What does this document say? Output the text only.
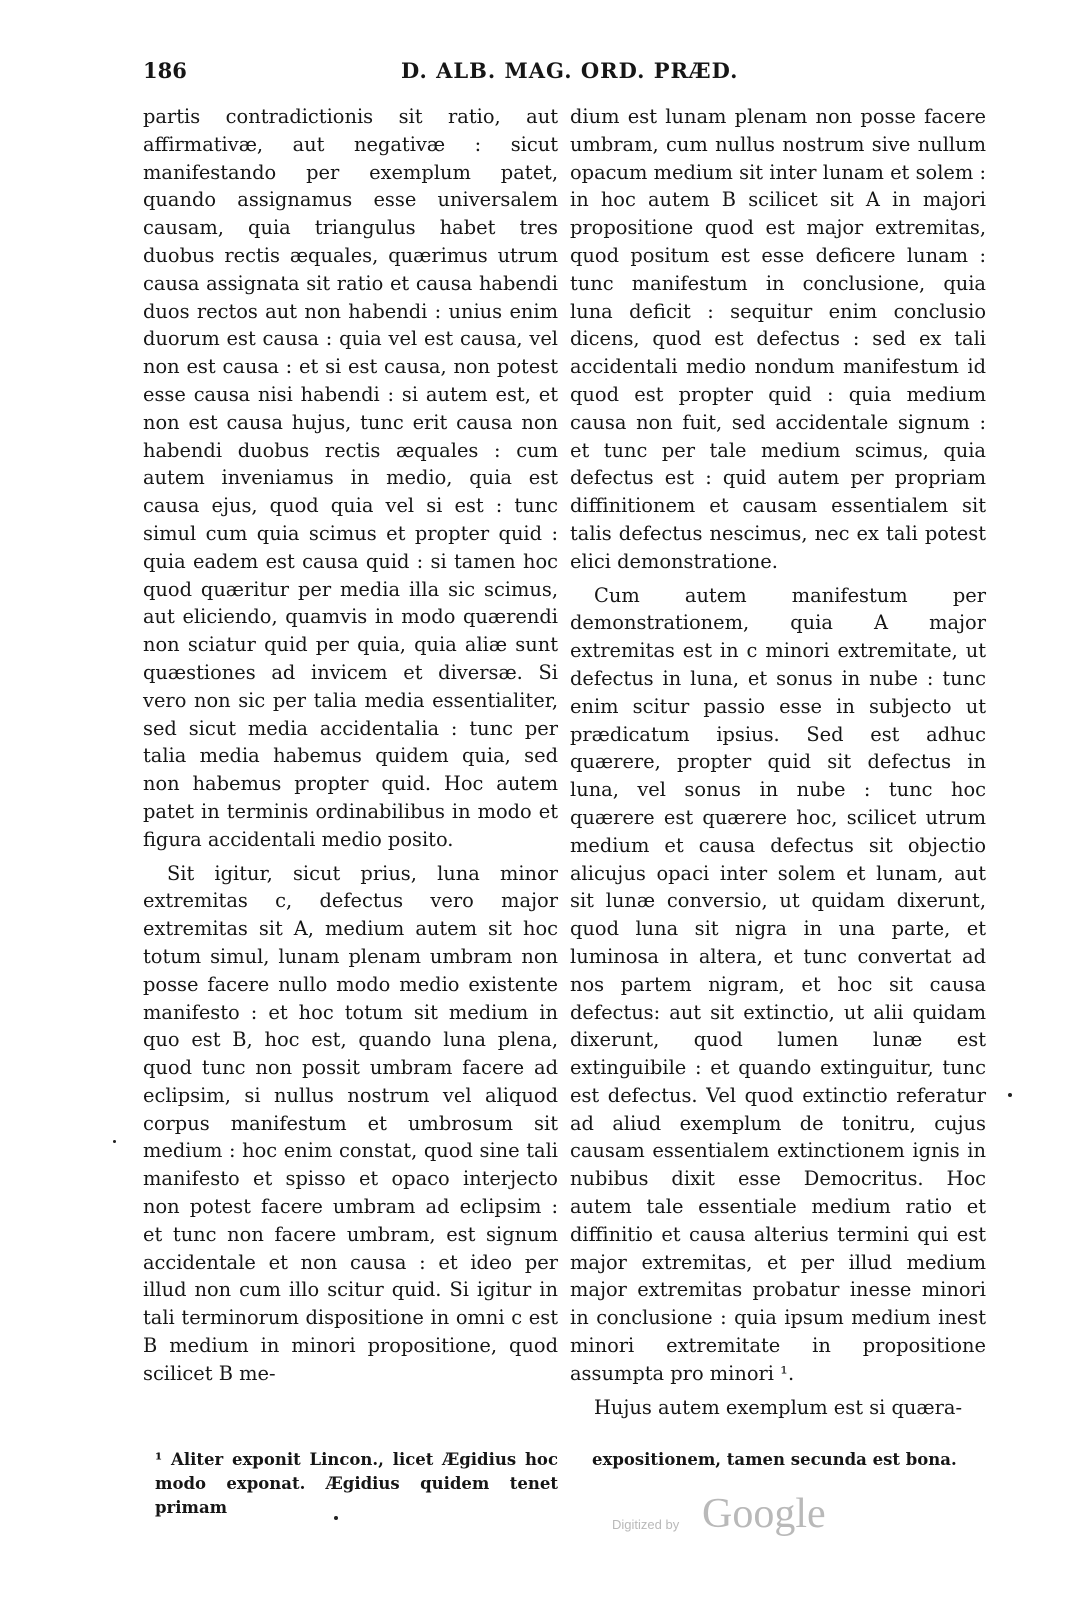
186	D. ALB. MAG. ORD. PRÆD.

partis contradictionis sit ratio, aut affirmativæ, aut negativæ : sicut manifestando per exemplum patet, quando assignamus esse universalem causam, quia triangulus habet tres duobus rectis æquales, quærimus utrum causa assignata sit ratio et causa habendi duos rectos aut non habendi : unius enim duorum est causa : quia vel est causa, vel non est causa : et si est causa, non potest esse causa nisi habendi : si autem est, et non est causa hujus, tunc erit causa non habendi duobus rectis æquales : cum autem inveniamus in medio, quia est causa ejus, quod quia vel si est : tunc simul cum quia scimus et propter quid : quia eadem est causa quid : si tamen hoc quod quæritur per media illa sic scimus, aut eliciendo, quamvis in modo quærendi non sciatur quid per quia, quia aliæ sunt quæstiones ad invicem et diversæ. Si vero non sic per talia media essentialiter, sed sicut media accidentalia : tunc per talia media habemus quidem quia, sed non habemus propter quid. Hoc autem patet in terminis ordinabilibus in modo et figura accidentali medio posito.

Sit igitur, sicut prius, luna minor extremitas c, defectus vero major extremitas sit A, medium autem sit hoc totum simul, lunam plenam umbram non posse facere nullo modo medio existente manifesto : et hoc totum sit medium in quo est B, hoc est, quando luna plena, quod tunc non possit umbram facere ad eclipsim, si nullus nostrum vel aliquod corpus manifestum et umbrosum sit medium : hoc enim constat, quod sine tali manifesto et spisso et opaco interjecto non potest facere umbram ad eclipsim : et tunc non facere umbram, est signum accidentale et non causa : et ideo per illud non cum illo scitur quid. Si igitur in tali terminorum dispositione in omni c est B medium in minori propositione, quod scilicet B me-

dium est lunam plenam non posse facere umbram, cum nullus nostrum sive nullum opacum medium sit inter lunam et solem : in hoc autem B scilicet sit A in majori propositione quod est major extremitas, quod positum est esse deficere lunam : tunc manifestum in conclusione, quia luna deficit : sequitur enim conclusio dicens, quod est defectus : sed ex tali accidentali medio nondum manifestum id quod est propter quid : quia medium causa non fuit, sed accidentale signum : et tunc per tale medium scimus, quia defectus est : quid autem per propriam diffinitionem et causam essentialem sit talis defectus nescimus, nec ex tali potest elici demonstratione.

Cum autem manifestum per demonstrationem, quia A major extremitas est in c minori extremitate, ut defectus in luna, et sonus in nube : tunc enim scitur passio esse in subjecto ut prædicatum ipsius. Sed est adhuc quærere, propter quid sit defectus in luna, vel sonus in nube : tunc hoc quærere est quærere hoc, scilicet utrum medium et causa defectus sit objectio alicujus opaci inter solem et lunam, aut sit lunæ conversio, ut quidam dixerunt, quod luna sit nigra in una parte, et luminosa in altera, et tunc convertat ad nos partem nigram, et hoc sit causa defectus: aut sit extinctio, ut alii quidam dixerunt, quod lumen lunæ est extinguibile : et quando extinguitur, tunc est defectus. Vel quod extinctio referatur ad aliud exemplum de tonitru, cujus causam essentialem extinctionem ignis in nubibus dixit esse Democritus. Hoc autem tale essentiale medium ratio et diffinitio et causa alterius termini qui est major extremitas, et per illud medium major extremitas probatur inesse minori in conclusione : quia ipsum medium inest minori extremitate in propositione assumpta pro minori ¹.

Hujus autem exemplum est si quæra-

¹ Aliter exponit Lincon., licet Ægidius hoc modo exponat. Ægidius quidem tenet primam
expositionem, tamen secunda est bona.
Digitized by Google
